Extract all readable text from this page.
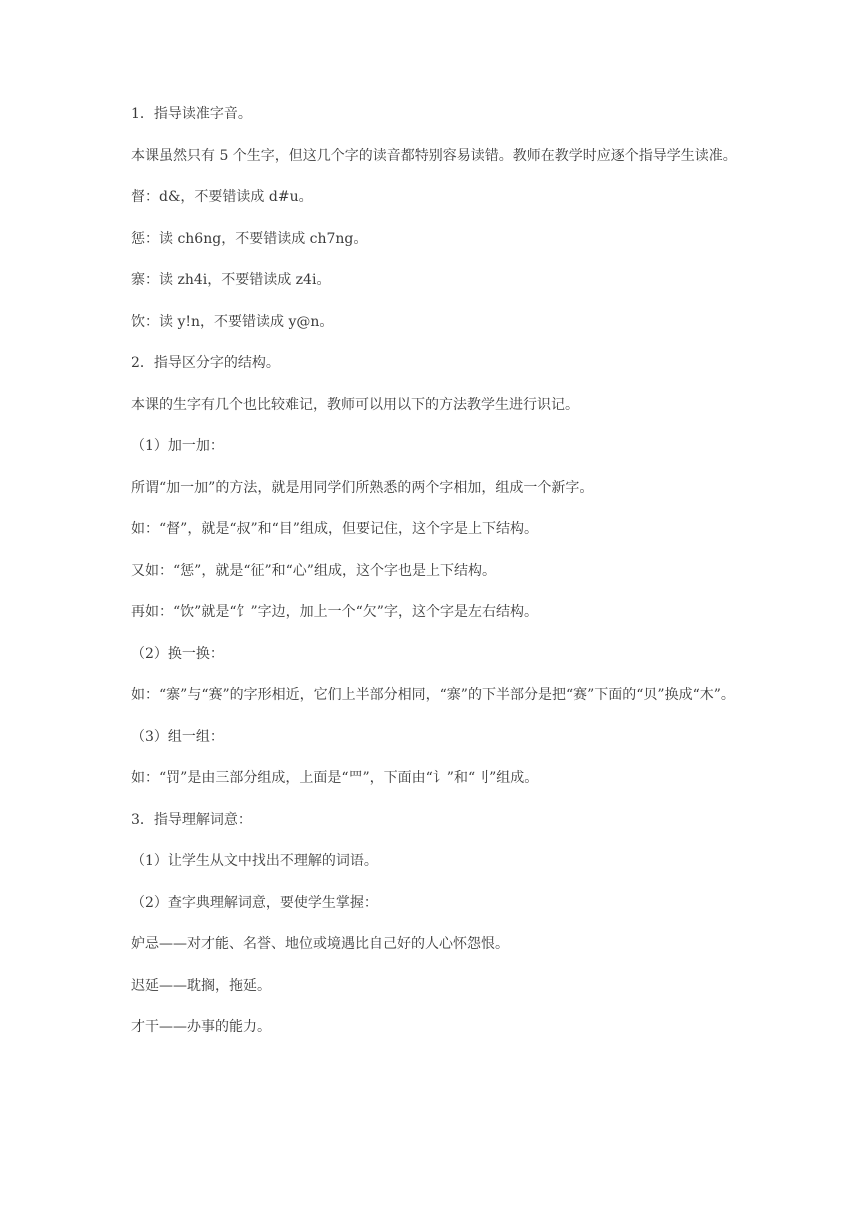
1．指导读准字音。

本课虽然只有 5 个生字，但这几个字的读音都特别容易读错。教师在教学时应逐个指导学生读准。

督：d&，不要错读成 d#u。

惩：读 ch6ng，不要错读成 ch7ng。

寨：读 zh4i，不要错读成 z4i。

饮：读 y!n，不要错读成 y@n。

2．指导区分字的结构。

本课的生字有几个也比较难记，教师可以用以下的方法教学生进行识记。

（1）加一加：

所谓“加一加”的方法，就是用同学们所熟悉的两个字相加，组成一个新字。

如：“督”，就是“叔”和“目”组成，但要记住，这个字是上下结构。

又如：“惩”，就是“征”和“心”组成，这个字也是上下结构。

再如：“饮”就是“饣”字边，加上一个“欠”字，这个字是左右结构。

（2）换一换：

如：“寨”与“赛”的字形相近，它们上半部分相同，“寨”的下半部分是把“赛”下面的“贝”换成“木”。

（3）组一组：

如：“罚”是由三部分组成，上面是“罒”，下面由“讠”和“刂”组成。

3．指导理解词意：

（1）让学生从文中找出不理解的词语。

（2）查字典理解词意，要使学生掌握：

妒忌——对才能、名誉、地位或境遇比自己好的人心怀怨恨。

迟延——耽搁，拖延。

才干——办事的能力。
